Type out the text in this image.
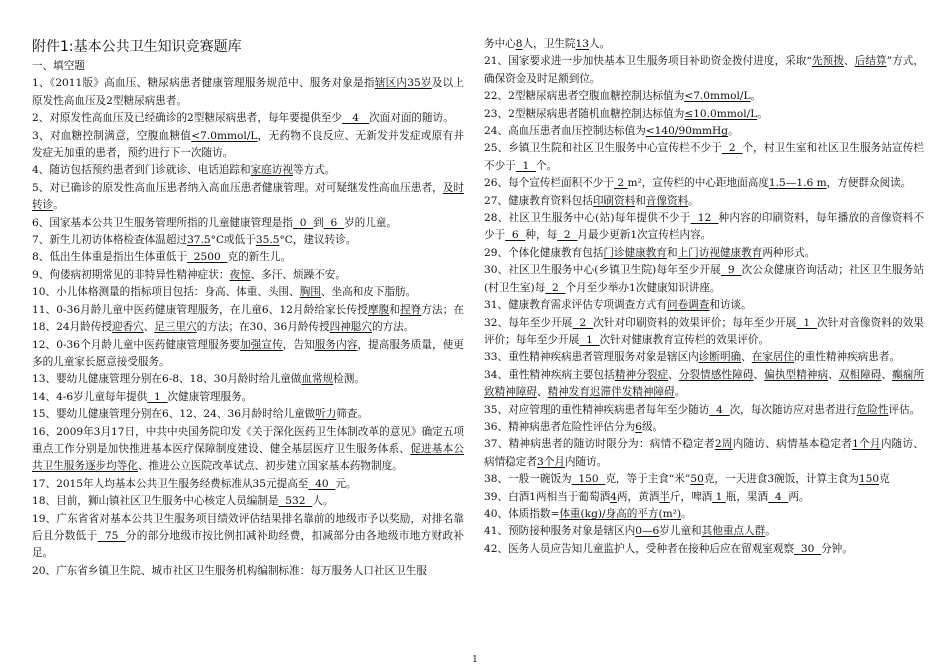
附件1:基本公共卫生知识竞赛题库
一、填空题

1、《2011版》高血压、糖尿病患者健康管理服务规范中、服务对象是指辖区内35岁及以上原发性高血压及2型糖尿病患者。

2、对原发性高血压及已经确诊的2型糖尿病患者，每年要提供至少   4   次面对面的随访。

3、对血糖控制满意，空腹血糖值<7.0mmol/L，无药物不良反应、无新发并发症或原有并发症无加重的患者，预约进行下一次随访。

4、随访包括预约患者到门诊就诊、电话追踪和家庭访视等方式。

5、对已确诊的原发性高血压患者纳入高血压患者健康管理。对可疑继发性高血压患者，及时转诊。

6、国家基本公共卫生服务管理所指的儿童健康管理是指  0  到  6  岁的儿童。

7、新生儿初访体格检查体温超过37.5°C或低于35.5°C，建议转诊。

8、低出生体重是指出生体重低于  2500  克的新生儿。

9、佝偻病初期常见的非特异性精神症状：夜惊、多汗、烦躁不安。

10、小儿体格测量的指标项目包括：身高、体重、头围、胸围、坐高和皮下脂肪。

11、0-36月龄儿童中医药健康管理服务，在儿童6、12月龄给家长传授摩腹和捏脊方法；在18、24月龄传授迎香穴、足三里穴的方法；在30、36月龄传授四神聪穴的方法。

12、0-36个月龄儿童中医药健康管理服务要加强宣传，告知服务内容，提高服务质量，使更多的儿童家长愿意接受服务。

13、婴幼儿健康管理分别在6-8、18、30月龄时给儿童做血常规检测。

14、4-6岁儿童每年提供  1  次健康管理服务。

15、婴幼儿健康管理分别在6、12、24、36月龄时给儿童做听力筛查。

16、2009年3月17日，中共中央国务院印发《关于深化医药卫生体制改革的意见》确定五项重点工作分别是加快推进基本医疗保障制度建设、健全基层医疗卫生服务体系、促进基本公共卫生服务逐步均等化、推进公立医院改革试点、初步建立国家基本药物制度。

17、2015年人均基本公共卫生服务经费标准从35元提高至  40  元。

18、目前，狮山镇社区卫生服务中心核定人员编制是  532  人。

19、广东省省对基本公共卫生服务项目绩效评估结果排名靠前的地级市予以奖励，对排名靠后且分数低于  75  分的部分地级市按比例扣减补助经费，扣减部分由各地级市地方财政补足。

20、广东省乡镇卫生院、城市社区卫生服务机构编制标准：每万服务人口社区卫生服

务中心8人，卫生院13人。

21、国家要求进一步加快基本卫生服务项目补助资金拨付进度，采取“先预拨、后结算”方式，确保资金及时足额到位。

22、2型糖尿病患者空腹血糖控制达标值为<7.0mmol/L。

23、2型糖尿病患者随机血糖控制达标值为≤10.0mmol/L。

24、高血压患者血压控制达标值为<140/90mmHg。

25、乡镇卫生院和社区卫生服务中心宣传栏不少于  2  个，村卫生室和社区卫生服务站宣传栏不少于  1  个。

26、每个宣传栏面积不少于 2 m²，宣传栏的中心距地面高度1.5—1.6 m，方便群众阅读。

27、健康教育资料包括印刷资料和音像资料。

28、社区卫生服务中心(站)每年提供不少于  12  种内容的印刷资料，每年播放的音像资料不少于  6  种，每  2  月最少更新1次宣传栏内容。

29、个体化健康教育包括门诊健康教育和上门访视健康教育两种形式。

30、社区卫生服务中心(乡镇卫生院)每年至少开展  9  次公众健康咨询活动；社区卫生服务站(村卫生室)每  2  个月至少举办1次健康知识讲座。

31、健康教育需求评估专项调查方式有问卷调查和访谈。

32、每年至少开展  2  次针对印刷资料的效果评价；每年至少开展  1  次针对音像资料的效果评价；每年至少开展  1  次针对健康教育宣传栏的效果评价。

33、重性精神疾病患者管理服务对象是辖区内诊断明确、在家居住的重性精神疾病患者。

34、重性精神疾病主要包括精神分裂症、分裂情感性障碍、偏执型精神病、双相障碍、癫痫所致精神障碍、精神发育迟滞伴发精神障碍。

35、对应管理的重性精神疾病患者每年至少随访  4  次，每次随访应对患者进行危险性评估。

36、精神病患者危险性评估分为6级。

37、精神病患者的随访时限分为：病情不稳定者2周内随访、病情基本稳定者1个月内随访、病情稳定者3个月内随访。

38、一般一碗饭为  150  克，等于主食“米”50克，一天进食3碗饭，计算主食为150克

39、白酒1两相当于葡萄酒4两，黄酒半斤，啤酒 1 瓶，果酒  4  两。

40、体质指数=体重(kg)/身高的平方(m²)。

41、预防接种服务对象是辖区内0—6岁儿童和其他重点人群。

42、医务人员应告知儿童监护人，受种者在接种后应在留观室观察  30  分钟。

1
